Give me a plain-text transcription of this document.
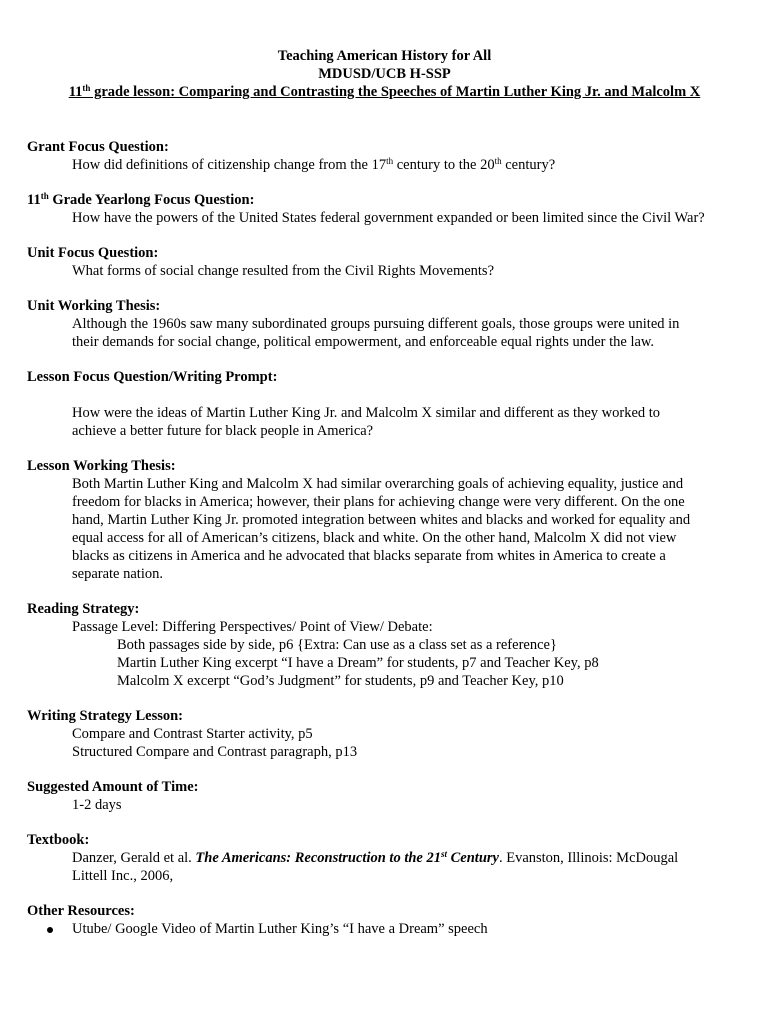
Teaching American History for All
MDUSD/UCB H-SSP
11th grade lesson: Comparing and Contrasting the Speeches of Martin Luther King Jr. and Malcolm X
Grant Focus Question:
How did definitions of citizenship change from the 17th century to the 20th century?
11th Grade Yearlong Focus Question:
How have the powers of the United States federal government expanded or been limited since the Civil War?
Unit Focus Question:
What forms of social change resulted from the Civil Rights Movements?
Unit Working Thesis:
Although the 1960s saw many subordinated groups pursuing different goals, those groups were united in
their demands for social change, political empowerment, and enforceable equal rights under the law.
Lesson Focus Question/Writing Prompt:
How were the ideas of Martin Luther King Jr. and Malcolm X similar and different as they worked to
achieve a better future for black people in America?
Lesson Working Thesis:
Both Martin Luther King and Malcolm X had similar overarching goals of achieving equality, justice and
freedom for blacks in America; however, their plans for achieving change were very different. On the one
hand, Martin Luther King Jr. promoted integration between whites and blacks and worked for equality and
equal access for all of American’s citizens, black and white. On the other hand, Malcolm X did not view
blacks as citizens in America and he advocated that blacks separate from whites in America to create a
separate nation.
Reading Strategy:
Passage Level: Differing Perspectives/ Point of View/ Debate:
Both passages side by side, p6 {Extra: Can use as a class set as a reference}
Martin Luther King excerpt “I have a Dream” for students, p7 and Teacher Key, p8
Malcolm X excerpt “God’s Judgment” for students, p9 and Teacher Key, p10
Writing Strategy Lesson:
Compare and Contrast Starter activity, p5
Structured Compare and Contrast paragraph, p13
Suggested Amount of Time:
1-2 days
Textbook:
Danzer, Gerald et al. The Americans: Reconstruction to the 21st Century. Evanston, Illinois: McDougal
Littell Inc., 2006,
Other Resources:
Utube/ Google Video of Martin Luther King’s “I have a Dream” speech
